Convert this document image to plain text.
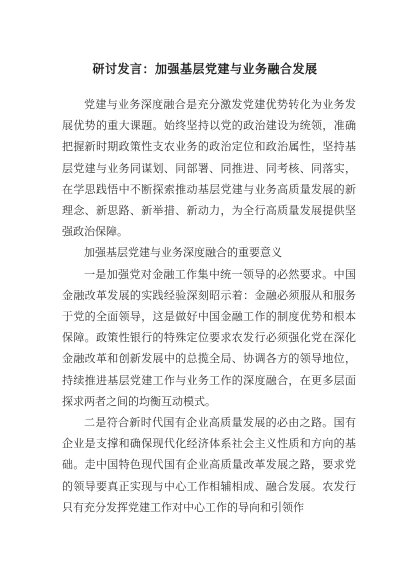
研讨发言：加强基层党建与业务融合发展

党建与业务深度融合是充分激发党建优势转化为业务发展优势的重大课题。始终坚持以党的政治建设为统领，准确把握新时期政策性支农业务的政治定位和政治属性，坚持基层党建与业务同谋划、同部署、同推进、同考核、同落实，在学思践悟中不断探索推动基层党建与业务高质量发展的新理念、新思路、新举措、新动力，为全行高质量发展提供坚强政治保障。

加强基层党建与业务深度融合的重要意义

一是加强党对金融工作集中统一领导的必然要求。中国金融改革发展的实践经验深刻昭示着：金融必须服从和服务于党的全面领导，这是做好中国金融工作的制度优势和根本保障。政策性银行的特殊定位要求农发行必须强化党在深化金融改革和创新发展中的总揽全局、协调各方的领导地位，持续推进基层党建工作与业务工作的深度融合，在更多层面探求两者之间的均衡互动模式。

二是符合新时代国有企业高质量发展的必由之路。国有企业是支撑和确保现代化经济体系社会主义性质和方向的基础。走中国特色现代国有企业高质量改革发展之路，要求党的领导要真正实现与中心工作相辅相成、融合发展。农发行只有充分发挥党建工作对中心工作的导向和引领作
